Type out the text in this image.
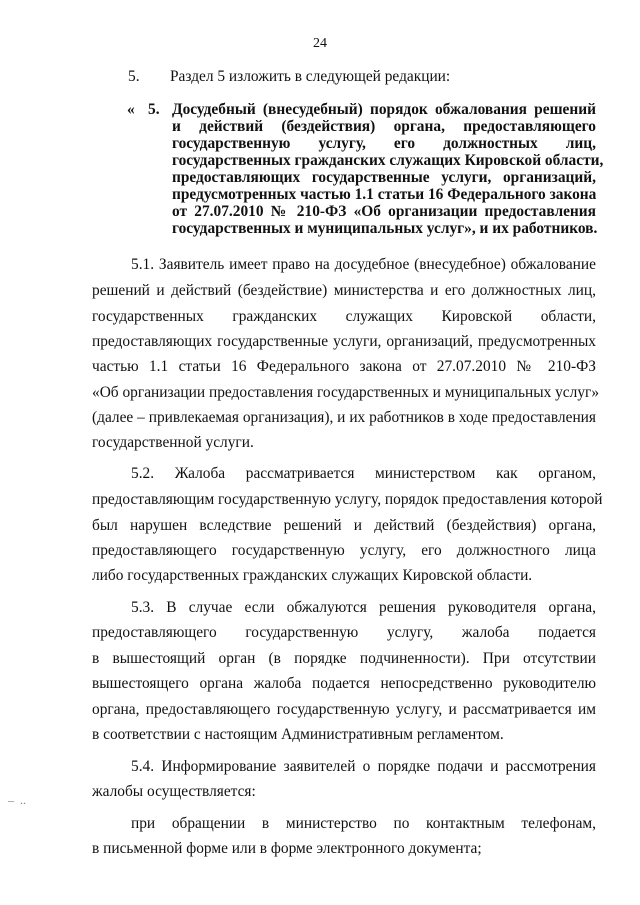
24
5. Раздел 5 изложить в следующей редакции:
« 5. Досудебный (внесудебный) порядок обжалования решений
и действий (бездействия) органа, предоставляющего
государственную услугу, его должностных лиц,
государственных гражданских служащих Кировской области,
предоставляющих государственные услуги, организаций,
предусмотренных частью 1.1 статьи 16 Федерального закона
от 27.07.2010 № 210-ФЗ «Об организации предоставления
государственных и муниципальных услуг», и их работников.
5.1. Заявитель имеет право на досудебное (внесудебное) обжалование
решений и действий (бездействие) министерства и его должностных лиц,
государственных гражданских служащих Кировской области,
предоставляющих государственные услуги, организаций, предусмотренных
частью 1.1 статьи 16 Федерального закона от 27.07.2010 № 210-ФЗ
«Об организации предоставления государственных и муниципальных услуг»
(далее – привлекаемая организация), и их работников в ходе предоставления
государственной услуги.
5.2. Жалоба рассматривается министерством как органом,
предоставляющим государственную услугу, порядок предоставления которой
был нарушен вследствие решений и действий (бездействия) органа,
предоставляющего государственную услугу, его должностного лица
либо государственных гражданских служащих Кировской области.
5.3. В случае если обжалуются решения руководителя органа,
предоставляющего государственную услугу, жалоба подается
в вышестоящий орган (в порядке подчиненности). При отсутствии
вышестоящего органа жалоба подается непосредственно руководителю
органа, предоставляющего государственную услугу, и рассматривается им
в соответствии с настоящим Административным регламентом.
5.4. Информирование заявителей о порядке подачи и рассмотрения
жалобы осуществляется:
при обращении в министерство по контактным телефонам,
в письменной форме или в форме электронного документа;
–  ..
